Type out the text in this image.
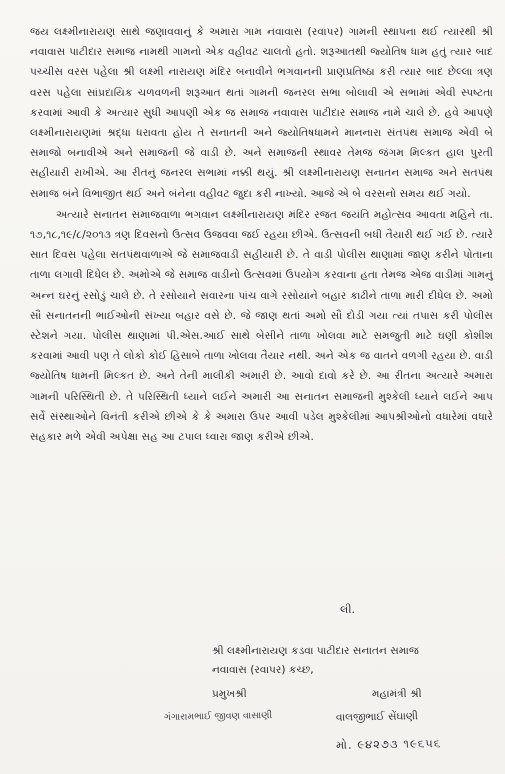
જય લક્ષ્મીનારાયણ સાથે જણાવવાનું કે અમારા ગામ નવાવાસ (રવાપર) ગામની સ્થાપના થઈ ત્યારથી શ્રી નવાવાસ પાટીદાર સમાજ નામથી ગામનો એક વહીવટ ચાલતો હતો. શરૂઆતથી જ્યોતિષ ધામ હતું ત્યાર બાદ પચ્ચીસ વરસ પહેલા શ્રી લક્ષ્મી નારાયણ મંદિર બનાવીને ભગવાનની પ્રાણપ્રતિષ્ઠા કરી ત્યાર બાદ છેલ્લા ત્રણ વરસ પહેલા સાંપ્રદાયિક ચળવળની શરૂઆત થતાં ગામની જનરલ સભા બોલાવી એ સભામાં એવી સ્પષ્ટતા કરવામાં આવી કે અત્યાર સુધી આપણી એક જ સમાજ નવાવાસ પાટીદાર સમાજ નામે ચાલે છે. હવે આપણે લક્ષ્મીનારાયણમાં શ્રદ્ધા ધરાવતા હોય તે સનાતની અને જ્યોતિષધામને માનનારા સંતપંથ સમાજ એવી બે સમાજો બનાવીએ અને સમાજની જે વાડી છે. અને સમાજની સ્થાવર તેમજ જંગમ મિલ્કત હાલ પુરતી સહીયારી રાખીએ. આ રીતનું જનરલ સભામાં નક્કી થયું. શ્રી લક્ષ્મીનારાયણ સનાતન સમાજ અને સતપંથ સમાજ બંને વિભાજીત થઈ અને બંનેના વહીવટ જુદા કરી નાખ્યો. આજે એ બે વરસનો સમય થઈ ગયો.

અત્યારે સનાતન સમાજવાળા ભગવાન લક્ષ્મીનારાયણ મંદિર રજત જયંતિ મહોત્સવ આવતા મહિને તા. ૧૭,૧૮,૧૯/૮/૨૦૧૩ ત્રણ દિવસનો ઉત્સવ ઉજવવા જઈ રહયા છીએ. ઉત્સવની બધી તૈયારી થઈ ગઈ છે. ત્યારે સાત દિવસ પહેલા સતપંથવાળાએ જે સમાજવાડી સહીયારી છે. તે વાડી પોલીસ થાણામાં જાણ કરીને પોતાના તાળા લગાવી દિધેલ છે. અમોએ જે સમાજ વાડીનો ઉત્સવમાં ઉપયોગ કરવાના હતા તેમજ એજ વાડીમાં ગામનું અન્ન ઘરનું રસોડું ચાલે છે. તે રસોયાને સવારના પાંચ વાગે રસોયાને બહાર કાઢીને તાળા મારી દીધેલ છે. અમો સૌ સનાતનની ભાઈઓની સંખ્યા બહાર વસે છે. જે જાણ થતાં અમો સૌ દોડી ગયા ત્યાં તપાસ કરી પોલીસ સ્ટેશને ગયા. પોલીસ થાણામાં પી.એસ.આઈ સાથે બેસીને તાળા ખોલવા માટે સમજુતી માટે ઘણી કોશીશ કરવામાં આવી પણ તે લોકો કોઈ હિસાબે તાળા ખોલવા તૈયાર નથી. અને એક જ વાતને વળગી રહયા છે. વાડી જ્યોતિષ ધામની મિલ્કત છે. અને તેની માલીકી અમારી છે. આવો દાવો કરે છે. આ રીતના અત્યારે અમારા ગામની પરિસ્થિતી છે. તે પરિસ્થિતી ધ્યાને લઈને અમારી આ સનાતન સમાજની મુશ્કેલી ધ્યાને લઈને આપ સર્વે સંસ્થાઓને વિનંતી કરીએ છીએ કે કે અમારા ઉપર આવી પડેલ મુશ્કેલીમાં આપશ્રીઓનો વધારેમાં વધારે સહકાર મળે એવી અપેક્ષા સહ આ ટપાલ ધ્વારા જાણ કરીએ છીએ.

લી.
શ્રી લક્ષ્મીનારાયણ કડવા પાટીદાર સનાતન સમાજ
નવાવાસ (રવાપર) કચ્છ,
પ્રમુખશ્રી	મહામંત્રી શ્રી
ગંગારામભાઈ જીવણ વાસાણી	વાલજીભાઈ સેંઘાણી
મો. ૯૪૨૭૩ ૧૯૬૫૬
